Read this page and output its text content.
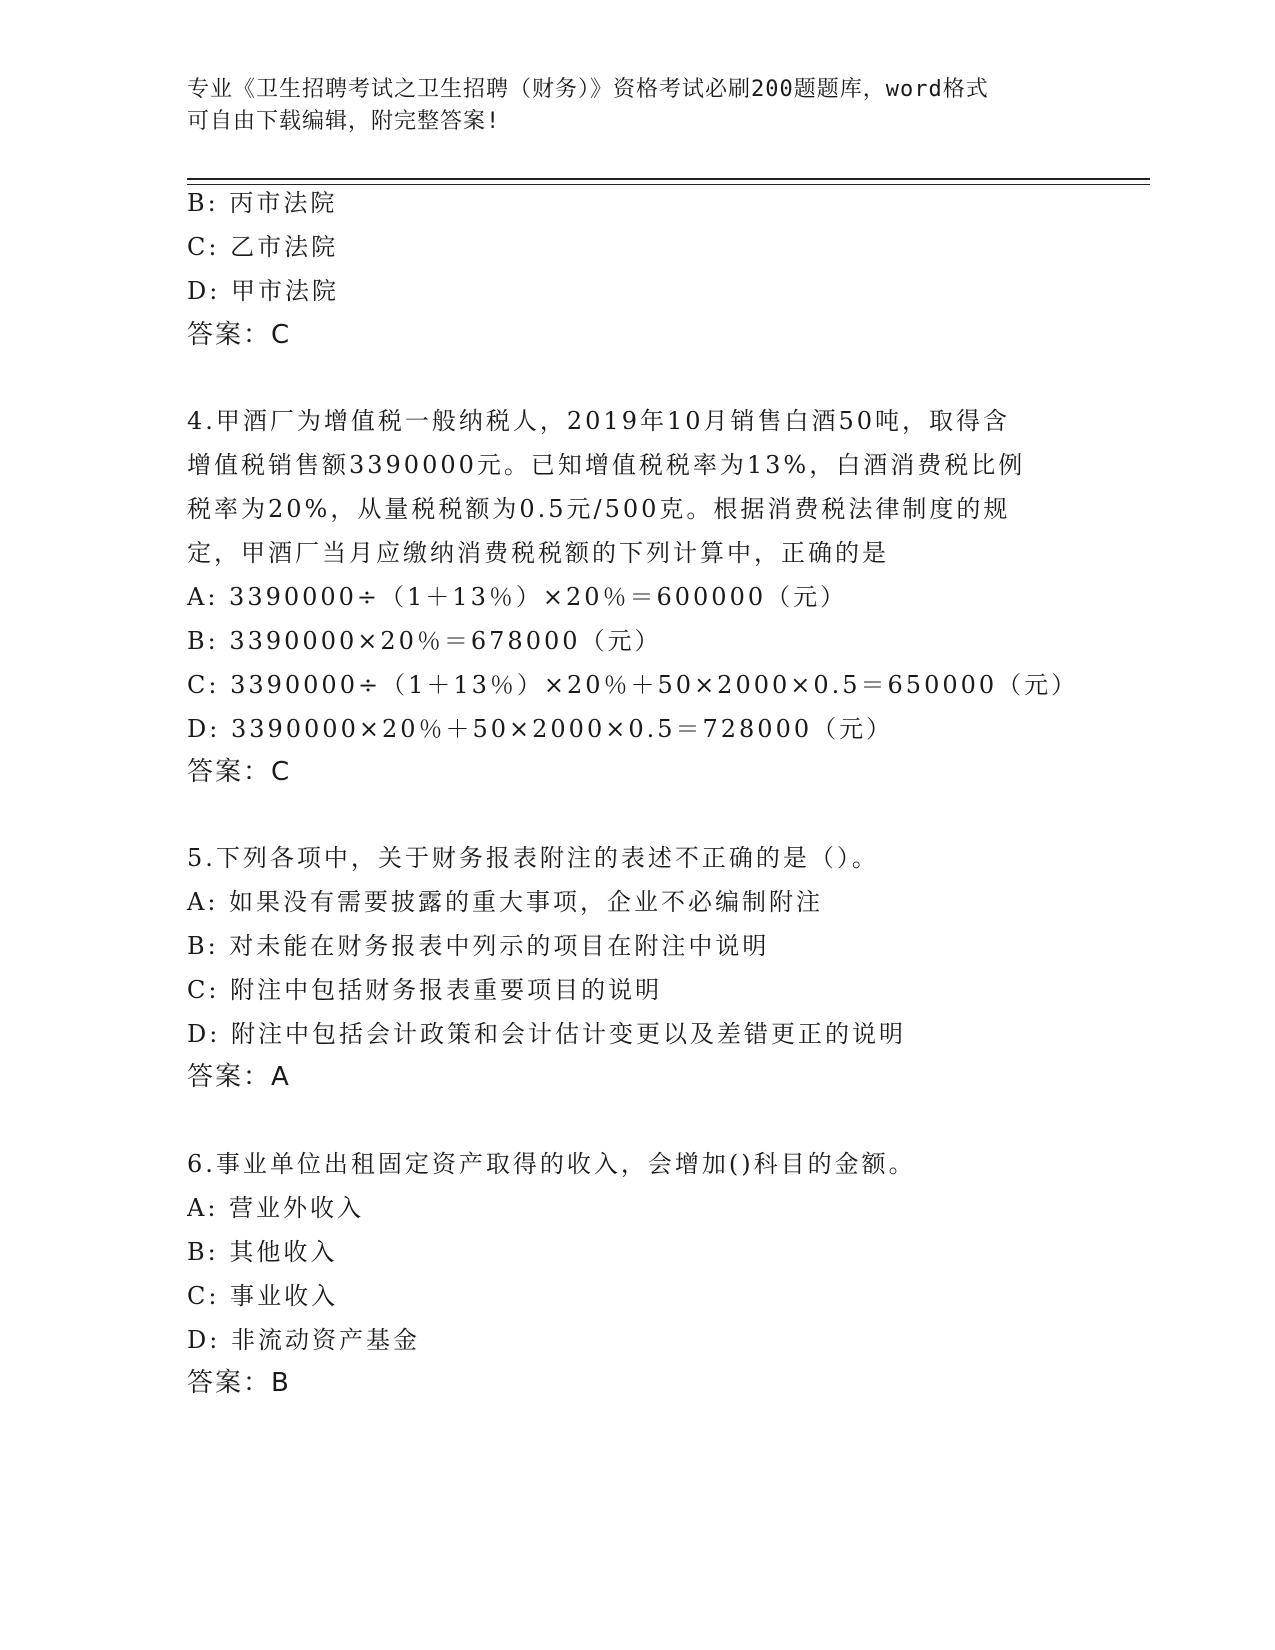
专业《卫生招聘考试之卫生招聘（财务）》资格考试必刷200题题库，word格式
可自由下载编辑，附完整答案!
B: 丙市法院
C: 乙市法院
D: 甲市法院
答案：C
4.甲酒厂为增值税一般纳税人，2019年10月销售白酒50吨，取得含
增值税销售额3390000元。已知增值税税率为13%，白酒消费税比例
税率为20%，从量税税额为0.5元/500克。根据消费税法律制度的规
定，甲酒厂当月应缴纳消费税税额的下列计算中，正确的是
A: 3390000÷（1＋13％）×20％＝600000（元）
B: 3390000×20％＝678000（元）
C: 3390000÷（1＋13％）×20％＋50×2000×0.5＝650000（元）
D: 3390000×20％＋50×2000×0.5＝728000（元）
答案：C
5.下列各项中，关于财务报表附注的表述不正确的是（）。
A: 如果没有需要披露的重大事项，企业不必编制附注
B: 对未能在财务报表中列示的项目在附注中说明
C: 附注中包括财务报表重要项目的说明
D: 附注中包括会计政策和会计估计变更以及差错更正的说明
答案：A
6.事业单位出租固定资产取得的收入，会增加()科目的金额。
A: 营业外收入
B: 其他收入
C: 事业收入
D: 非流动资产基金
答案：B
